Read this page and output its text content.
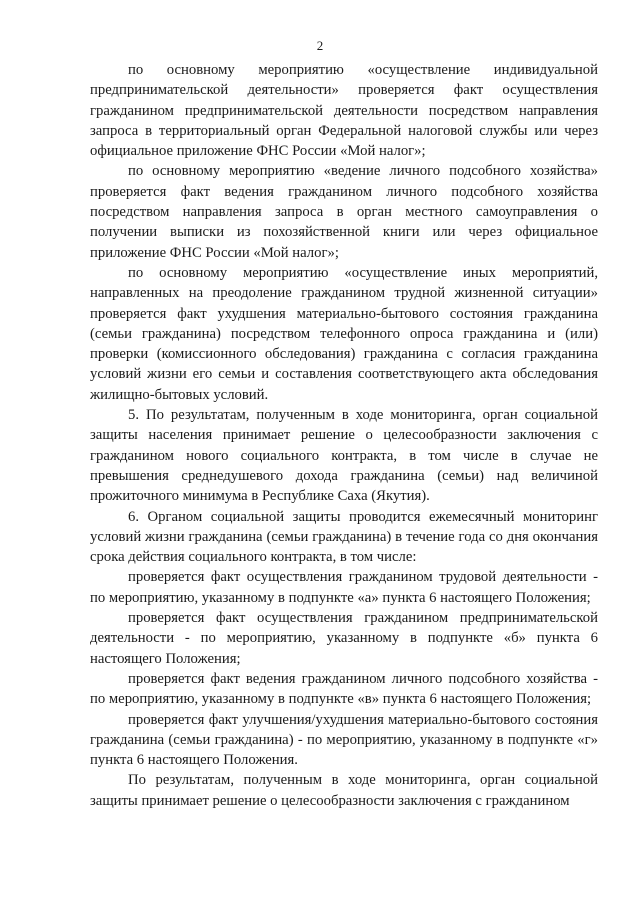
2

по основному мероприятию «осуществление индивидуальной предпринимательской деятельности» проверяется факт осуществления гражданином предпринимательской деятельности посредством направления запроса в территориальный орган Федеральной налоговой службы или через официальное приложение ФНС России «Мой налог»;

по основному мероприятию «ведение личного подсобного хозяйства» проверяется факт ведения гражданином личного подсобного хозяйства посредством направления запроса в орган местного самоуправления о получении выписки из похозяйственной книги или через официальное приложение ФНС России «Мой налог»;

по основному мероприятию «осуществление иных мероприятий, направленных на преодоление гражданином трудной жизненной ситуации» проверяется факт ухудшения материально-бытового состояния гражданина (семьи гражданина) посредством телефонного опроса гражданина и (или) проверки (комиссионного обследования) гражданина с согласия гражданина условий жизни его семьи и составления соответствующего акта обследования жилищно-бытовых условий.

5. По результатам, полученным в ходе мониторинга, орган социальной защиты населения принимает решение о целесообразности заключения с гражданином нового социального контракта, в том числе в случае не превышения среднедушевого дохода гражданина (семьи) над величиной прожиточного минимума в Республике Саха (Якутия).

6. Органом социальной защиты проводится ежемесячный мониторинг условий жизни гражданина (семьи гражданина) в течение года со дня окончания срока действия социального контракта, в том числе:

проверяется факт осуществления гражданином трудовой деятельности - по мероприятию, указанному в подпункте «а» пункта 6 настоящего Положения;

проверяется факт осуществления гражданином предпринимательской деятельности - по мероприятию, указанному в подпункте «б» пункта 6 настоящего Положения;

проверяется факт ведения гражданином личного подсобного хозяйства - по мероприятию, указанному в подпункте «в» пункта 6 настоящего Положения;

проверяется факт улучшения/ухудшения материально-бытового состояния гражданина (семьи гражданина) - по мероприятию, указанному в подпункте «г» пункта 6 настоящего Положения.

По результатам, полученным в ходе мониторинга, орган социальной защиты принимает решение о целесообразности заключения с гражданином
